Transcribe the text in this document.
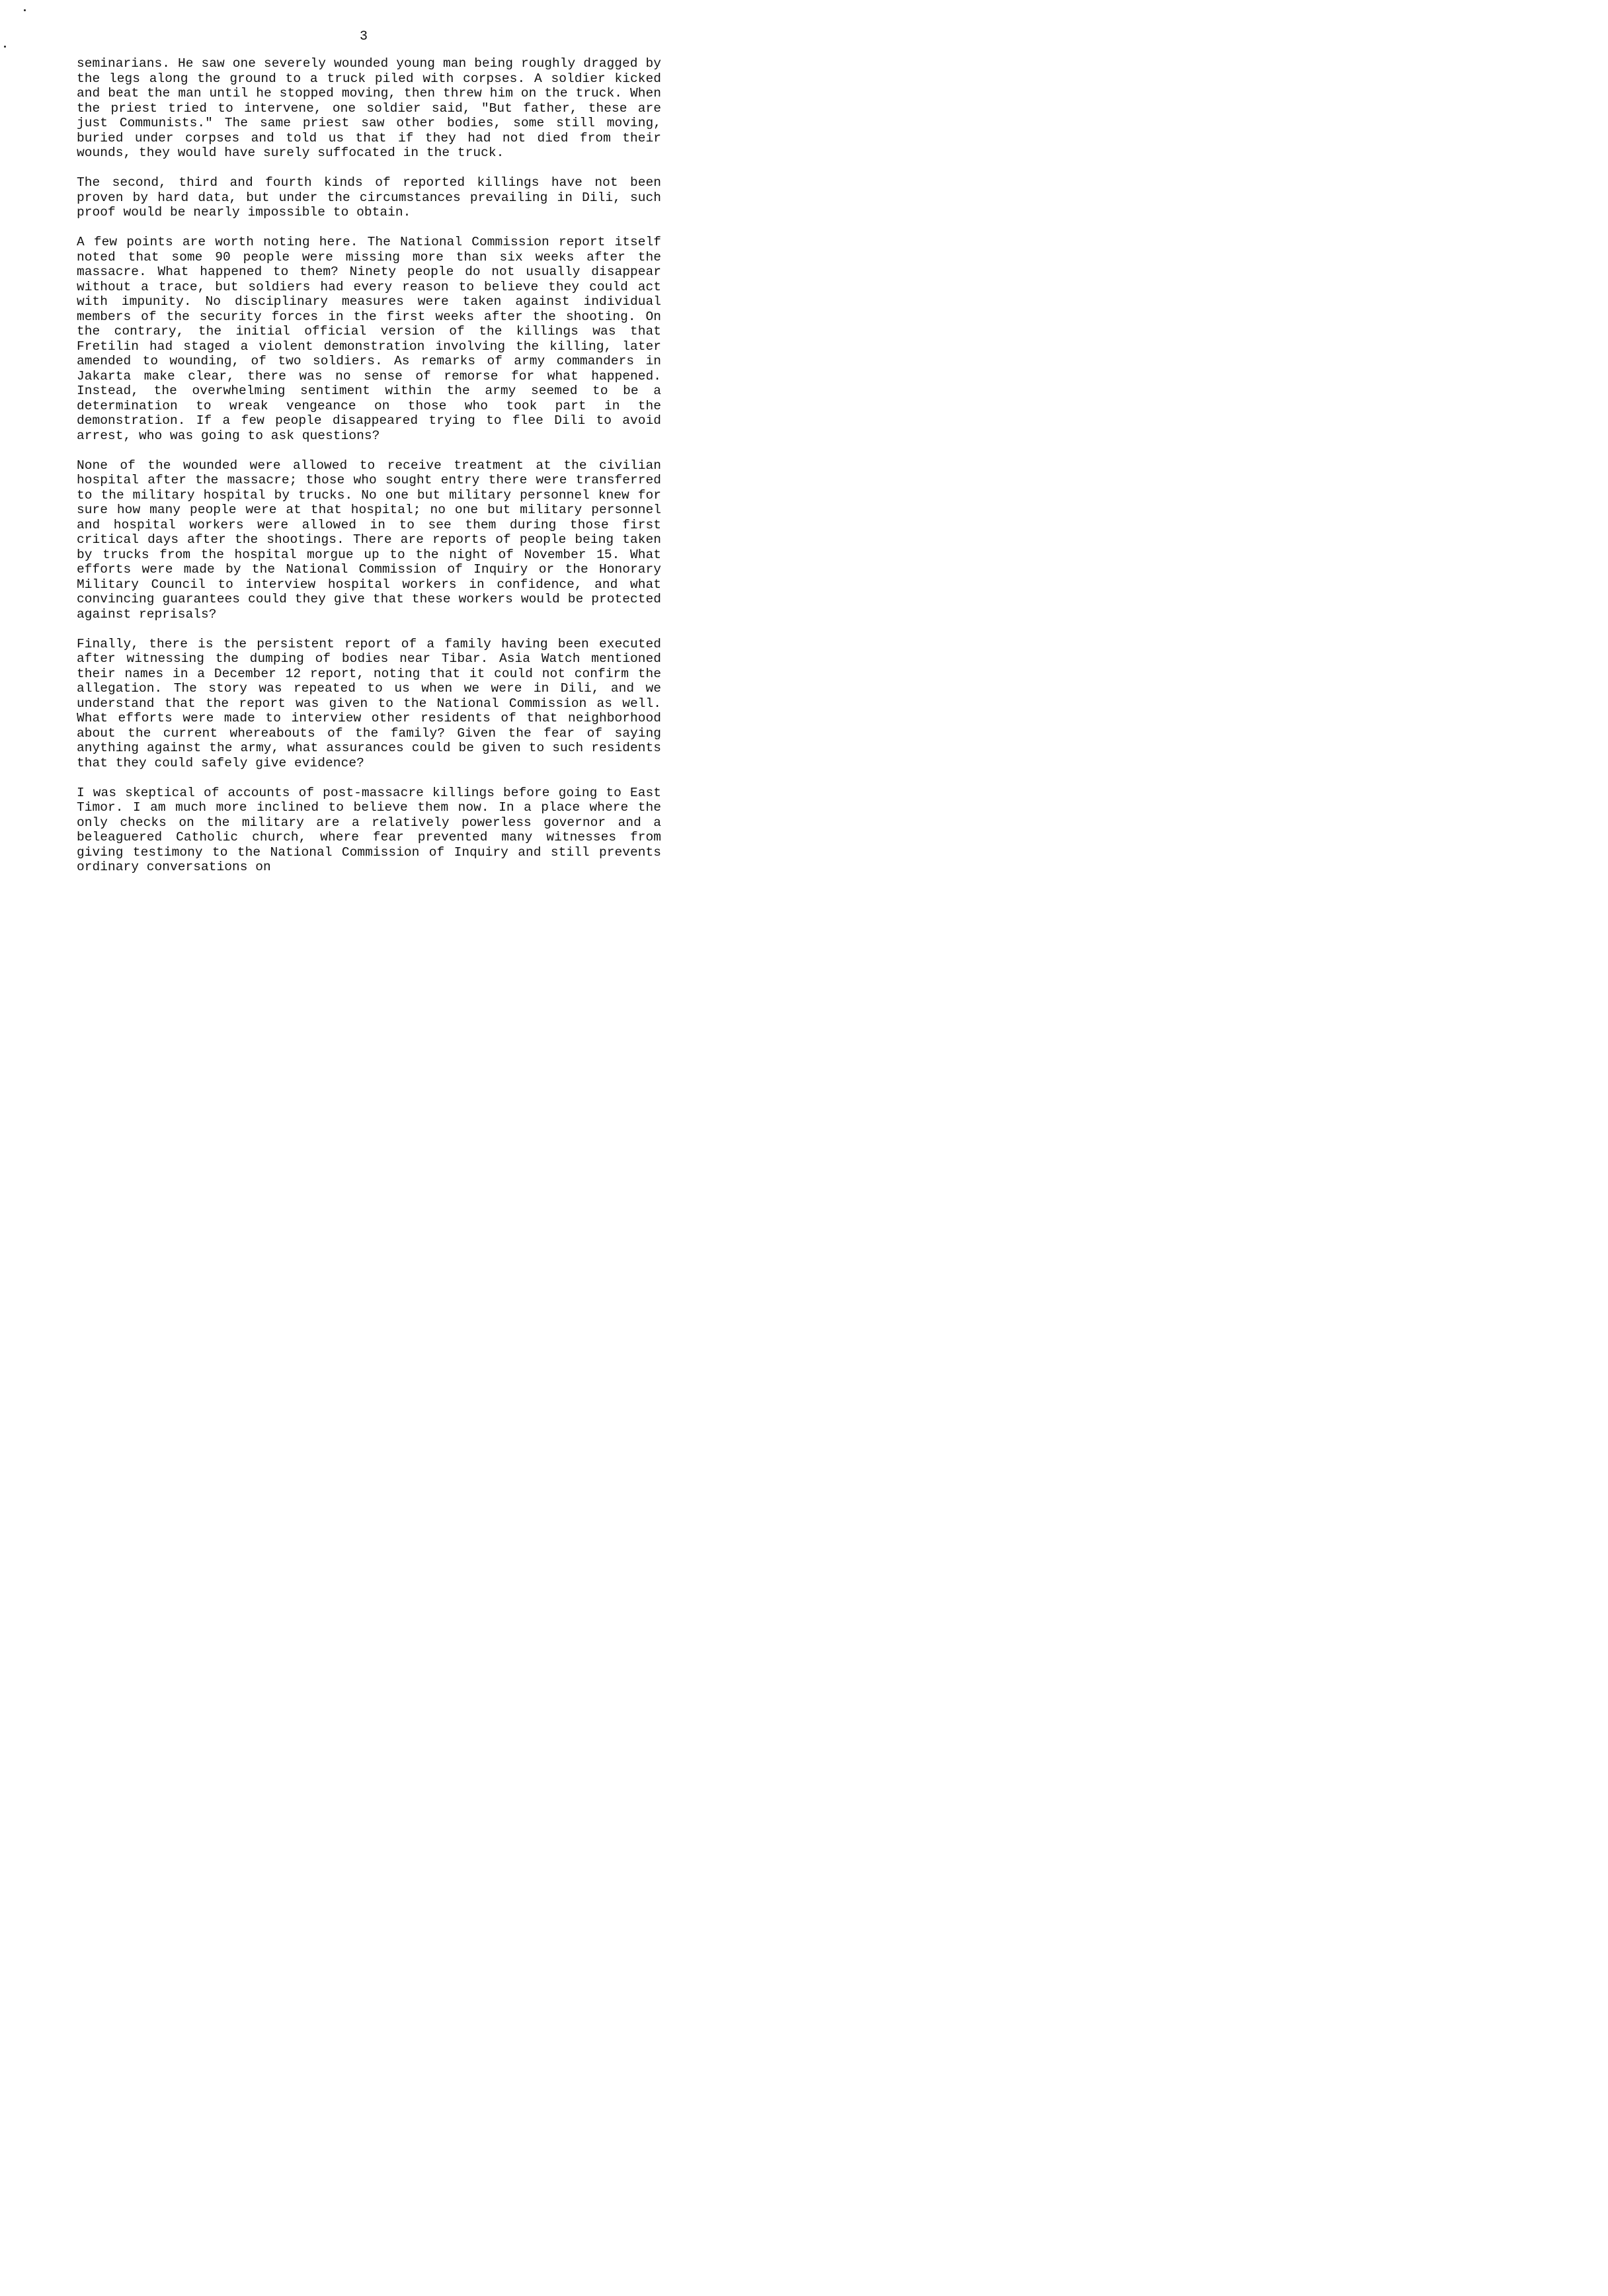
3

seminarians. He saw one severely wounded young man being roughly dragged by the legs along the ground to a truck piled with corpses. A soldier kicked and beat the man until he stopped moving, then threw him on the truck. When the priest tried to intervene, one soldier said, "But father, these are just Communists." The same priest saw other bodies, some still moving, buried under corpses and told us that if they had not died from their wounds, they would have surely suffocated in the truck.

The second, third and fourth kinds of reported killings have not been proven by hard data, but under the circumstances prevailing in Dili, such proof would be nearly impossible to obtain.

A few points are worth noting here. The National Commission report itself noted that some 90 people were missing more than six weeks after the massacre. What happened to them? Ninety people do not usually disappear without a trace, but soldiers had every reason to believe they could act with impunity. No disciplinary measures were taken against individual members of the security forces in the first weeks after the shooting. On the contrary, the initial official version of the killings was that Fretilin had staged a violent demonstration involving the killing, later amended to wounding, of two soldiers. As remarks of army commanders in Jakarta make clear, there was no sense of remorse for what happened. Instead, the overwhelming sentiment within the army seemed to be a determination to wreak vengeance on those who took part in the demonstration. If a few people disappeared trying to flee Dili to avoid arrest, who was going to ask questions?

None of the wounded were allowed to receive treatment at the civilian hospital after the massacre; those who sought entry there were transferred to the military hospital by trucks. No one but military personnel knew for sure how many people were at that hospital; no one but military personnel and hospital workers were allowed in to see them during those first critical days after the shootings. There are reports of people being taken by trucks from the hospital morgue up to the night of November 15. What efforts were made by the National Commission of Inquiry or the Honorary Military Council to interview hospital workers in confidence, and what convincing guarantees could they give that these workers would be protected against reprisals?

Finally, there is the persistent report of a family having been executed after witnessing the dumping of bodies near Tibar. Asia Watch mentioned their names in a December 12 report, noting that it could not confirm the allegation. The story was repeated to us when we were in Dili, and we understand that the report was given to the National Commission as well. What efforts were made to interview other residents of that neighborhood about the current whereabouts of the family? Given the fear of saying anything against the army, what assurances could be given to such residents that they could safely give evidence?

I was skeptical of accounts of post-massacre killings before going to East Timor. I am much more inclined to believe them now. In a place where the only checks on the military are a relatively powerless governor and a beleaguered Catholic church, where fear prevented many witnesses from giving testimony to the National Commission of Inquiry and still prevents ordinary conversations on
